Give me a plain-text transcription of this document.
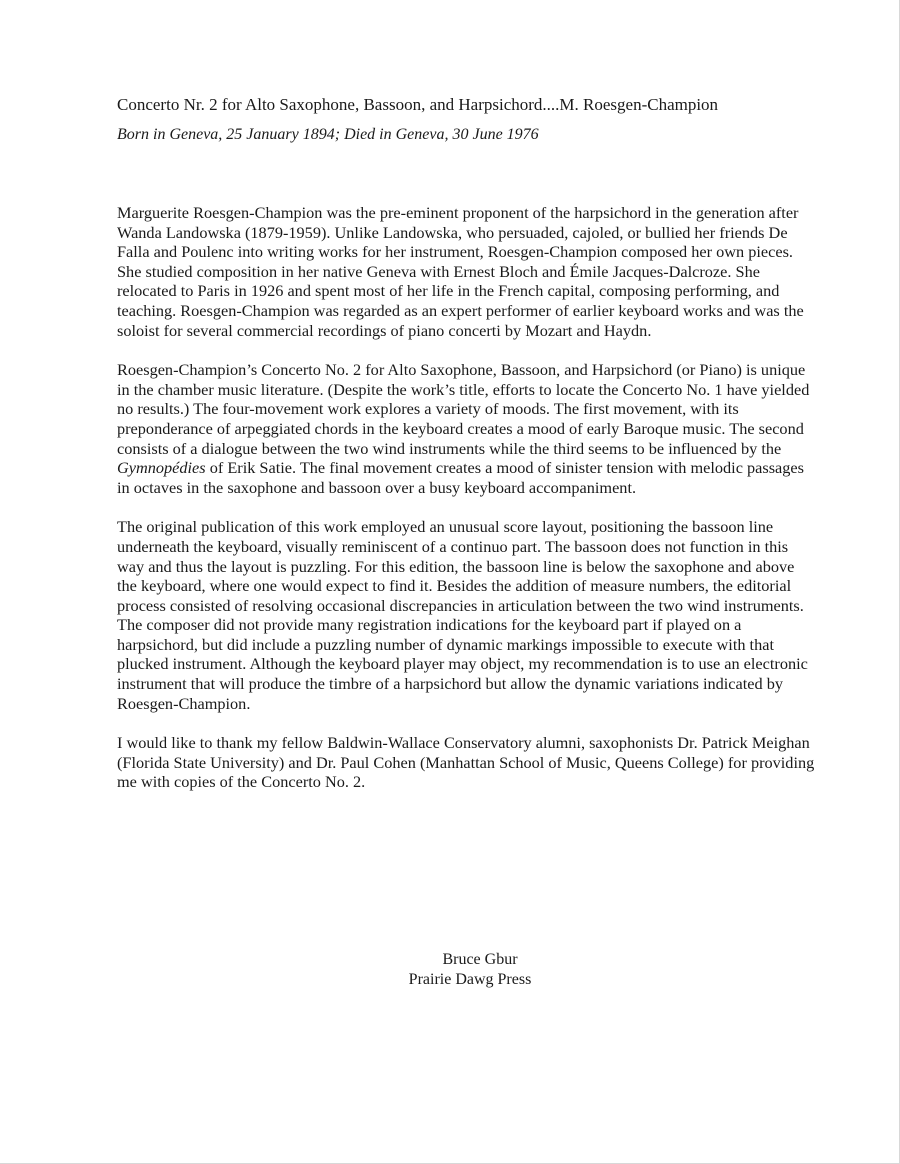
Concerto Nr. 2 for Alto Saxophone, Bassoon, and Harpsichord....M. Roesgen-Champion

Born in Geneva, 25 January 1894; Died in Geneva, 30 June 1976

Marguerite Roesgen-Champion was the pre-eminent proponent of the harpsichord in the generation after Wanda Landowska (1879-1959). Unlike Landowska, who persuaded, cajoled, or bullied her friends De Falla and Poulenc into writing works for her instrument, Roesgen-Champion composed her own pieces. She studied composition in her native Geneva with Ernest Bloch and Émile Jacques-Dalcroze. She relocated to Paris in 1926 and spent most of her life in the French capital, composing performing, and teaching. Roesgen-Champion was regarded as an expert performer of earlier keyboard works and was the soloist for several commercial recordings of piano concerti by Mozart and Haydn.

Roesgen-Champion’s Concerto No. 2 for Alto Saxophone, Bassoon, and Harpsichord (or Piano) is unique in the chamber music literature. (Despite the work’s title, efforts to locate the Concerto No. 1 have yielded no results.) The four-movement work explores a variety of moods. The first movement, with its preponderance of arpeggiated chords in the keyboard creates a mood of early Baroque music. The second consists of a dialogue between the two wind instruments while the third seems to be influenced by the Gymnopédies of Erik Satie. The final movement creates a mood of sinister tension with melodic passages in octaves in the saxophone and bassoon over a busy keyboard accompaniment.

The original publication of this work employed an unusual score layout, positioning the bassoon line underneath the keyboard, visually reminiscent of a continuo part. The bassoon does not function in this way and thus the layout is puzzling. For this edition, the bassoon line is below the saxophone and above the keyboard, where one would expect to find it. Besides the addition of measure numbers, the editorial process consisted of resolving occasional discrepancies in articulation between the two wind instruments. The composer did not provide many registration indications for the keyboard part if played on a harpsichord, but did include a puzzling number of dynamic markings impossible to execute with that plucked instrument. Although the keyboard player may object, my recommendation is to use an electronic instrument that will produce the timbre of a harpsichord but allow the dynamic variations indicated by Roesgen-Champion.

I would like to thank my fellow Baldwin-Wallace Conservatory alumni, saxophonists Dr. Patrick Meighan (Florida State University) and Dr. Paul Cohen (Manhattan School of Music, Queens College) for providing me with copies of the Concerto No. 2.

Bruce Gbur
Prairie Dawg Press
